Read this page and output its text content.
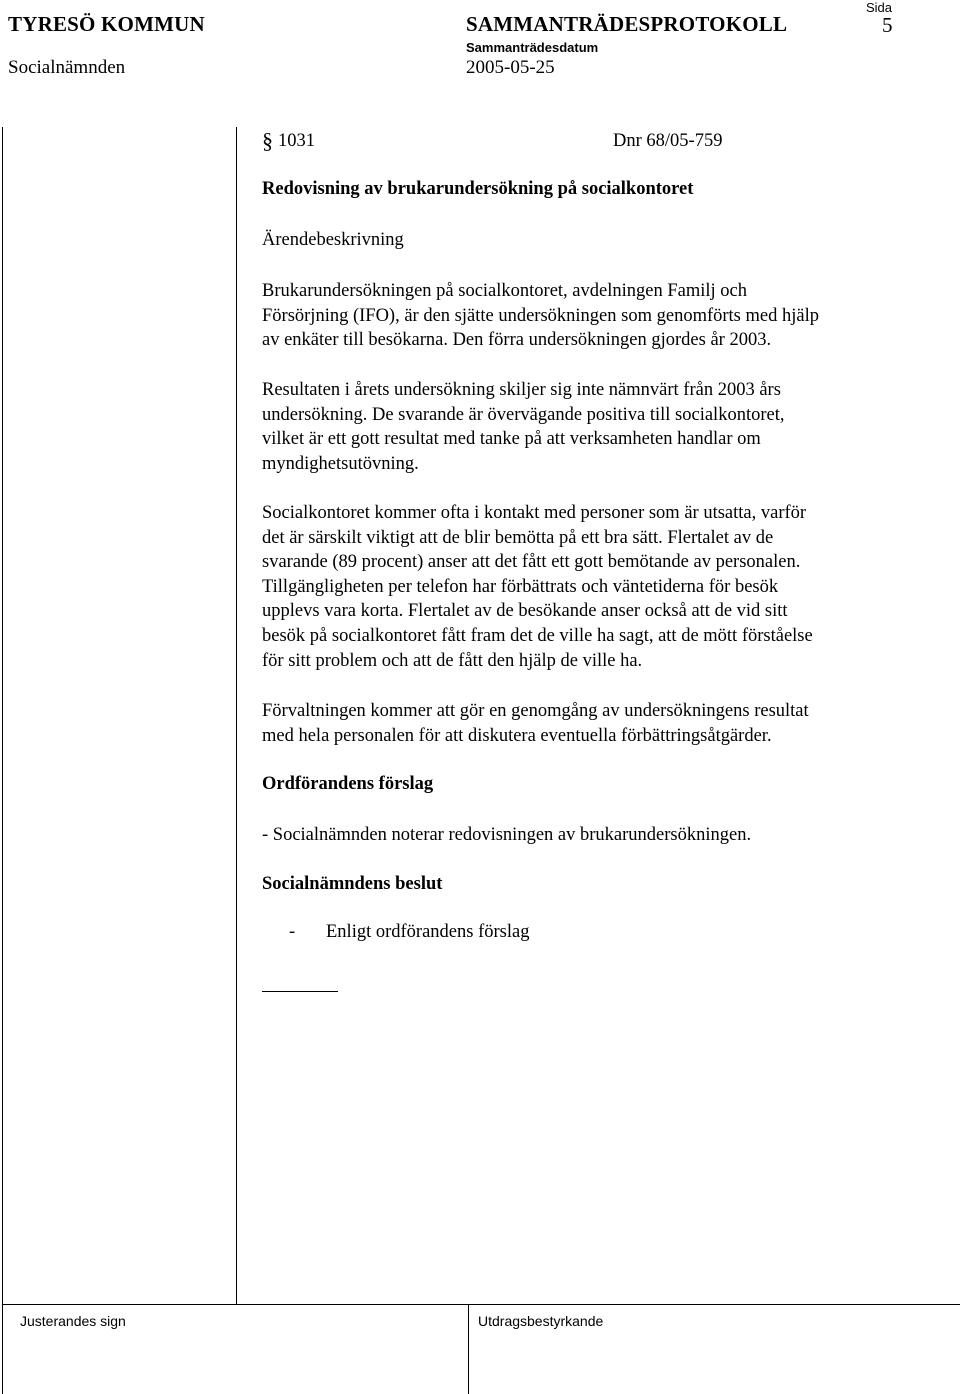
TYRESÖ KOMMUN	SAMMANTRÄDESPROTOKOLL
Sida
5
Sammanträdesdatum
Socialnämnden	2005-05-25
§ 1031	Dnr 68/05-759
Redovisning av brukarundersökning på socialkontoret
Ärendebeskrivning
Brukarundersökningen på socialkontoret, avdelningen Familj och
Försörjning (IFO), är den sjätte undersökningen som genomförts med hjälp
av enkäter till besökarna. Den förra undersökningen gjordes år 2003.
Resultaten i årets undersökning skiljer sig inte nämnvärt från 2003 års
undersökning. De svarande är övervägande positiva till socialkontoret,
vilket är ett gott resultat med tanke på att verksamheten handlar om
myndighetsutövning.
Socialkontoret kommer ofta i kontakt med personer som är utsatta, varför
det är särskilt viktigt att de blir bemötta på ett bra sätt. Flertalet av de
svarande (89 procent) anser att det fått ett gott bemötande av personalen.
Tillgängligheten per telefon har förbättrats och väntetiderna för besök
upplevs vara korta. Flertalet av de besökande anser också att de vid sitt
besök på socialkontoret fått fram det de ville ha sagt, att de mött förståelse
för sitt problem och att de fått den hjälp de ville ha.
Förvaltningen kommer att gör en genomgång av undersökningens resultat
med hela personalen för att diskutera eventuella förbättringsåtgärder.
Ordförandens förslag
- Socialnämnden noterar redovisningen av brukarundersökningen.
Socialnämndens beslut
- Enligt ordförandens förslag
Justerandes sign	Utdragsbestyrkande
